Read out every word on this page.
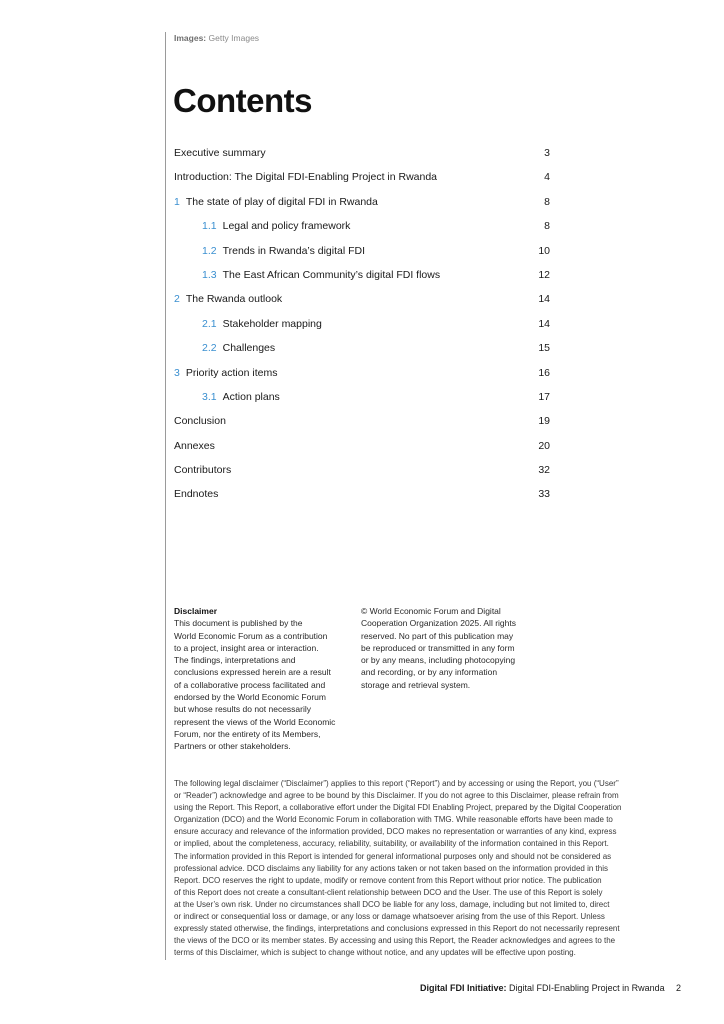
Images: Getty Images
Contents
Executive summary	3
Introduction: The Digital FDI-Enabling Project in Rwanda	4
1 The state of play of digital FDI in Rwanda	8
1.1 Legal and policy framework	8
1.2 Trends in Rwanda’s digital FDI	10
1.3 The East African Community’s digital FDI flows	12
2 The Rwanda outlook	14
2.1 Stakeholder mapping	14
2.2 Challenges	15
3 Priority action items	16
3.1 Action plans	17
Conclusion	19
Annexes	20
Contributors	32
Endnotes	33
Disclaimer
This document is published by the
World Economic Forum as a contribution
to a project, insight area or interaction.
The findings, interpretations and
conclusions expressed herein are a result
of a collaborative process facilitated and
endorsed by the World Economic Forum
but whose results do not necessarily
represent the views of the World Economic
Forum, nor the entirety of its Members,
Partners or other stakeholders.
© World Economic Forum and Digital
Cooperation Organization 2025. All rights
reserved. No part of this publication may
be reproduced or transmitted in any form
or by any means, including photocopying
and recording, or by any information
storage and retrieval system.
The following legal disclaimer (“Disclaimer”) applies to this report (“Report”) and by accessing or using the Report, you (“User”
or “Reader”) acknowledge and agree to be bound by this Disclaimer. If you do not agree to this Disclaimer, please refrain from
using the Report. This Report, a collaborative effort under the Digital FDI Enabling Project, prepared by the Digital Cooperation
Organization (DCO) and the World Economic Forum in collaboration with TMG. While reasonable efforts have been made to
ensure accuracy and relevance of the information provided, DCO makes no representation or warranties of any kind, express
or implied, about the completeness, accuracy, reliability, suitability, or availability of the information contained in this Report.
The information provided in this Report is intended for general informational purposes only and should not be considered as
professional advice. DCO disclaims any liability for any actions taken or not taken based on the information provided in this
Report. DCO reserves the right to update, modify or remove content from this Report without prior notice. The publication
of this Report does not create a consultant-client relationship between DCO and the User. The use of this Report is solely
at the User’s own risk. Under no circumstances shall DCO be liable for any loss, damage, including but not limited to, direct
or indirect or consequential loss or damage, or any loss or damage whatsoever arising from the use of this Report. Unless
expressly stated otherwise, the findings, interpretations and conclusions expressed in this Report do not necessarily represent
the views of the DCO or its member states. By accessing and using this Report, the Reader acknowledges and agrees to the
terms of this Disclaimer, which is subject to change without notice, and any updates will be effective upon posting.
Digital FDI Initiative: Digital FDI-Enabling Project in Rwanda 2
